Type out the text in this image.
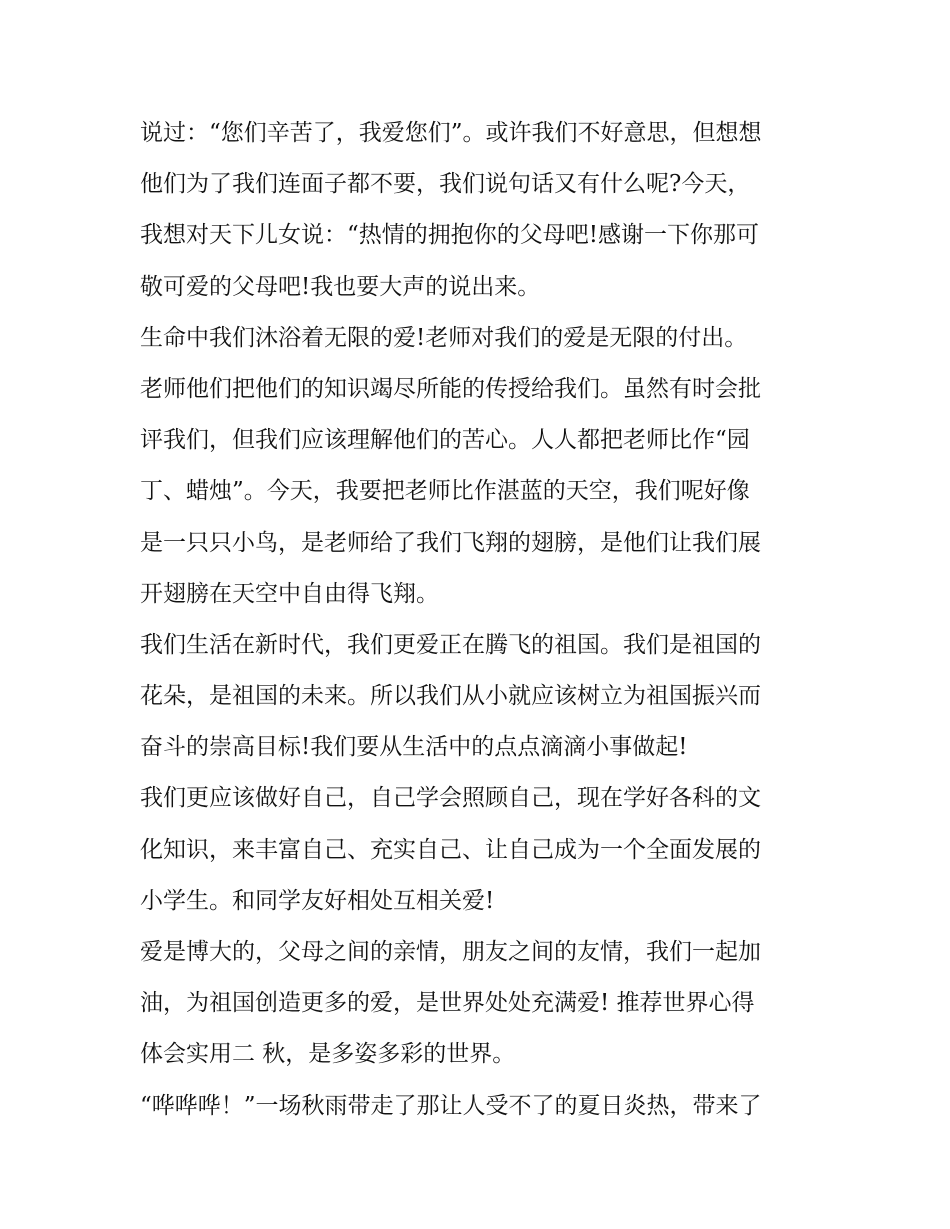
说过：“您们辛苦了，我爱您们”。或许我们不好意思，但想想
他们为了我们连面子都不要，我们说句话又有什么呢?今天，
我想对天下儿女说：“热情的拥抱你的父母吧!感谢一下你那可
敬可爱的父母吧!我也要大声的说出来。
生命中我们沐浴着无限的爱!老师对我们的爱是无限的付出。
老师他们把他们的知识竭尽所能的传授给我们。虽然有时会批
评我们，但我们应该理解他们的苦心。人人都把老师比作“园
丁、蜡烛”。今天，我要把老师比作湛蓝的天空，我们呢好像
是一只只小鸟，是老师给了我们飞翔的翅膀，是他们让我们展
开翅膀在天空中自由得飞翔。
我们生活在新时代，我们更爱正在腾飞的祖国。我们是祖国的
花朵，是祖国的未来。所以我们从小就应该树立为祖国振兴而
奋斗的崇高目标!我们要从生活中的点点滴滴小事做起!
我们更应该做好自己，自己学会照顾自己，现在学好各科的文
化知识，来丰富自己、充实自己、让自己成为一个全面发展的
小学生。和同学友好相处互相关爱!
爱是博大的，父母之间的亲情，朋友之间的友情，我们一起加
油，为祖国创造更多的爱，是世界处处充满爱! 推荐世界心得
体会实用二 秋，是多姿多彩的世界。
“哗哗哗！”一场秋雨带走了那让人受不了的夏日炎热，带来了
